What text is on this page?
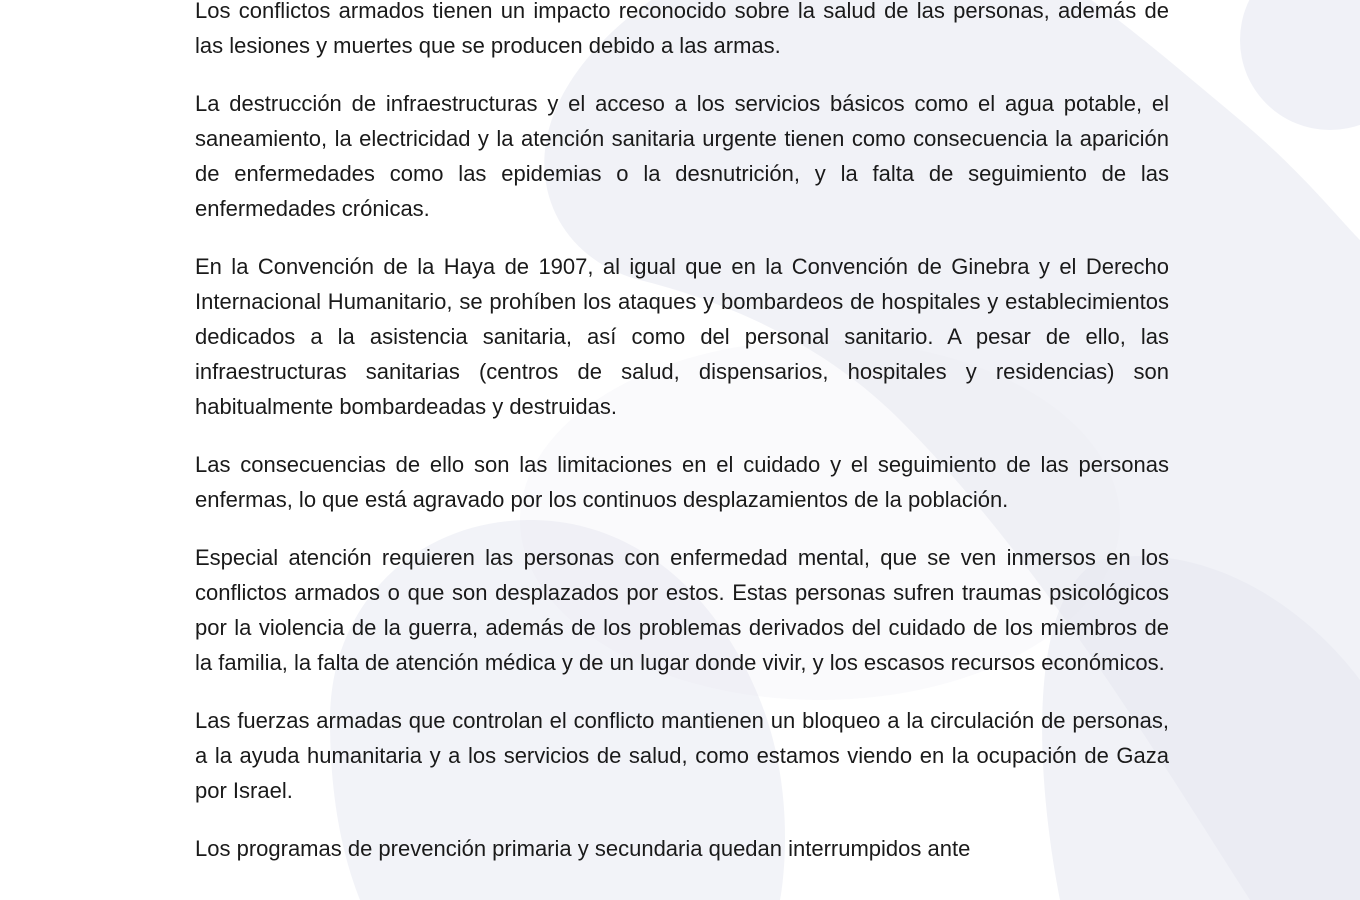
Los conflictos armados tienen un impacto reconocido sobre la salud de las personas, además de las lesiones y muertes que se producen debido a las armas.

La destrucción de infraestructuras y el acceso a los servicios básicos como el agua potable, el saneamiento, la electricidad y la atención sanitaria urgente tienen como consecuencia la aparición de enfermedades como las epidemias o la desnutrición, y la falta de seguimiento de las enfermedades crónicas.

En la Convención de la Haya de 1907, al igual que en la Convención de Ginebra y el Derecho Internacional Humanitario, se prohíben los ataques y bombardeos de hospitales y establecimientos dedicados a la asistencia sanitaria, así como del personal sanitario. A pesar de ello, las infraestructuras sanitarias (centros de salud, dispensarios, hospitales y residencias) son habitualmente bombardeadas y destruidas.

Las consecuencias de ello son las limitaciones en el cuidado y el seguimiento de las personas enfermas, lo que está agravado por los continuos desplazamientos de la población.

Especial atención requieren las personas con enfermedad mental, que se ven inmersos en los conflictos armados o que son desplazados por estos. Estas personas sufren traumas psicológicos por la violencia de la guerra, además de los problemas derivados del cuidado de los miembros de la familia, la falta de atención médica y de un lugar donde vivir, y los escasos recursos económicos.

Las fuerzas armadas que controlan el conflicto mantienen un bloqueo a la circulación de personas, a la ayuda humanitaria y a los servicios de salud, como estamos viendo en la ocupación de Gaza por Israel.

Los programas de prevención primaria y secundaria quedan interrumpidos ante
